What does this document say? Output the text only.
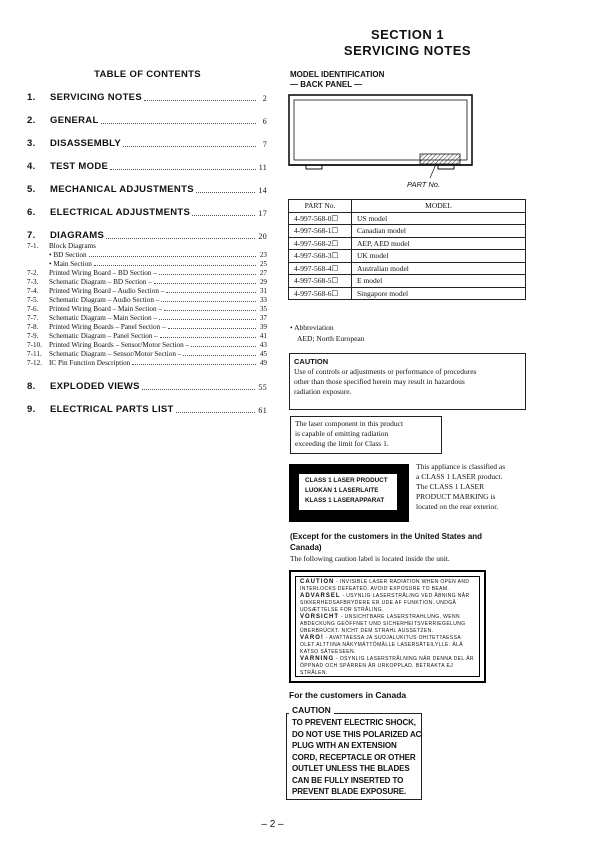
SECTION 1
SERVICING NOTES
TABLE OF CONTENTS
1.	SERVICING NOTES	2
2.	GENERAL	6
3.	DISASSEMBLY	7
4.	TEST MODE	11
5.	MECHANICAL ADJUSTMENTS	14
6.	ELECTRICAL ADJUSTMENTS	17
7.	DIAGRAMS	20
7-1.	Block Diagrams
• BD Section	23
• Main Section	25
7-2.	Printed Wiring Board – BD Section –	27
7-3.	Schematic Diagram – BD Section –	29
7-4.	Printed Wiring Board – Audio Section –	31
7-5.	Schematic Diagram – Audio Section –	33
7-6.	Printed Wiring Board – Main Section –	35
7-7.	Schematic Diagram – Main Section –	37
7-8.	Printed Wiring Boards – Panel Section –	39
7-9.	Schematic Diagram – Panel Section –	41
7-10. Printed Wiring Boards – Sensor/Motor Section –	43
7-11.	Schematic Diagram – Sensor/Motor Section –	45
7-12. IC Pin Function Description	49
8.	EXPLODED VIEWS	55
9.	ELECTRICAL PARTS LIST	61
MODEL IDENTIFICATION
— BACK PANEL —
PART No.
PART No.	MODEL
4-997-568-0☐	US model
4-997-568-1☐	Canadian model
4-997-568-2☐	AEP, AED model
4-997-568-3☐	UK model
4-997-568-4☐	Australian model
4-997-568-5☐	E model
4-997-568-6☐	Singapore model
• Abbreviation
AED; North European
CAUTION
Use of controls or adjustments or performance of procedures
other than those specified herein may result in hazardous
radiation exposure.
The laser component in this product
is capable of emitting radiation
exceeding the limit for Class 1.
CLASS 1 LASER PRODUCT
LUOKAN 1 LASERLAITE
KLASS 1 LASERAPPARAT
This appliance is classified as
a CLASS 1 LASER product.
The CLASS 1 LASER
PRODUCT MARKING is
located on the rear exterior.
(Except for the customers in the United States and
Canada)
The following caution label is located inside the unit.
CAUTION - INVISIBLE LASER RADIATION WHEN OPEN AND INTERLOCKS DEFEATED. AVOID EXPOSURE TO BEAM.
ADVARSEL - USYNLIG LASERSTRÅLING VED ÅBNING NÅR SIKKERHEDSAFBRYDERE ER UDE AF FUNKTION. UNDGÅ UDSÆTTELSE FOR STRÅLING.
VORSICHT - UNSICHTBARE LASERSTRAHLUNG, WENN ABDECKUNG GEÖFFNET UND SICHERHEITSVERRIEGELUNG ÜBERBRÜCKT. NICHT DEM STRAHL AUSSETZEN.
VARO! - AVATTAESSA JA SUOJALUKITUS OHITETTAESSA OLET ALTTIINA NÄKYMÄTTÖMÄLLE LASERSÄTEILYLLE. ÄLÄ KATSO SÄTEESEEN.
VARNING - OSYNLIG LASERSTRÅLNING NÄR DENNA DEL ÄR ÖPPNAD OCH SPÄRREN ÄR URKOPPLAD. BETRAKTA EJ STRÅLEN.
For the customers in Canada
CAUTION
TO PREVENT ELECTRIC SHOCK,
DO NOT USE THIS POLARIZED AC
PLUG WITH AN EXTENSION
CORD, RECEPTACLE OR OTHER
OUTLET UNLESS THE BLADES
CAN BE FULLY INSERTED TO
PREVENT BLADE EXPOSURE.
– 2 –
